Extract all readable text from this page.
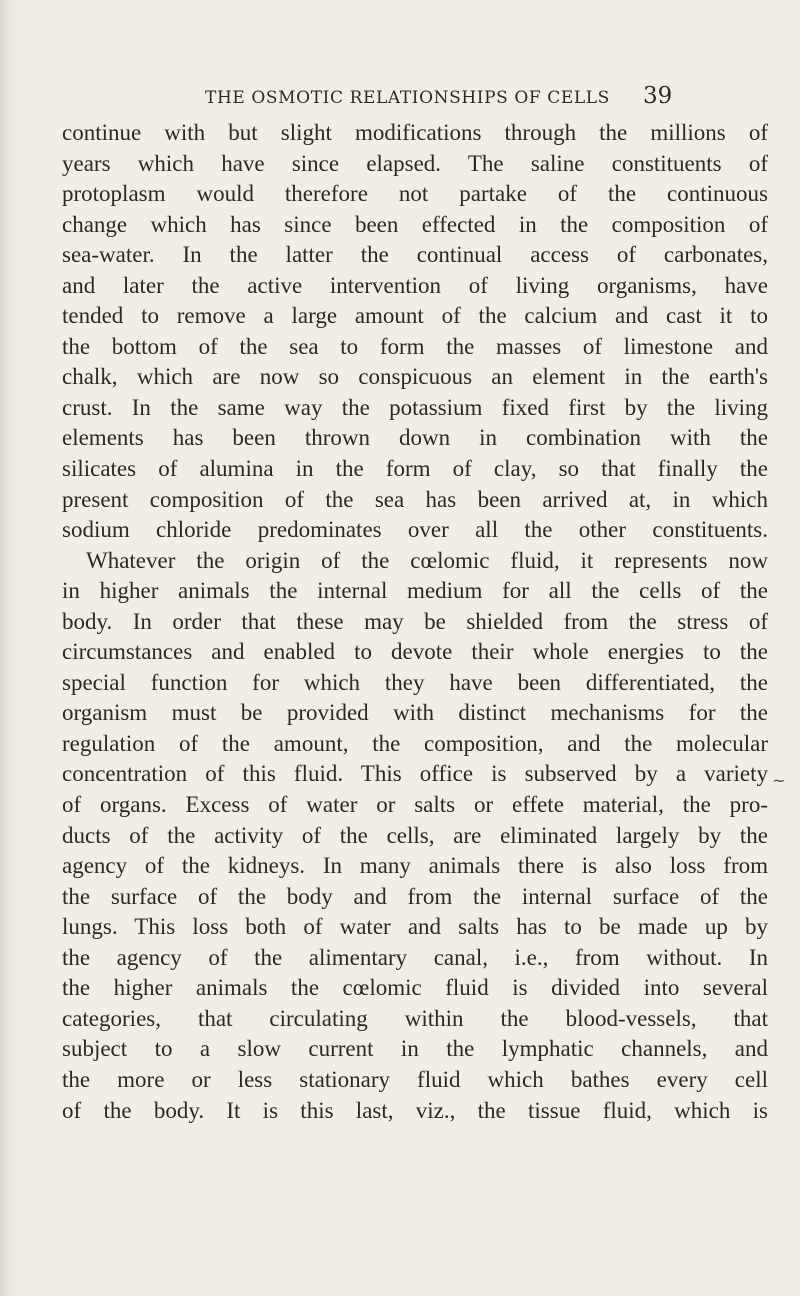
THE OSMOTIC RELATIONSHIPS OF CELLS 39
continue with but slight modifications through the millions of
years which have since elapsed. The saline constituents of
protoplasm would therefore not partake of the continuous
change which has since been effected in the composition of
sea-water. In the latter the continual access of carbonates,
and later the active intervention of living organisms, have
tended to remove a large amount of the calcium and cast it to
the bottom of the sea to form the masses of limestone and
chalk, which are now so conspicuous an element in the earth's
crust. In the same way the potassium fixed first by the living
elements has been thrown down in combination with the
silicates of alumina in the form of clay, so that finally the
present composition of the sea has been arrived at, in which
sodium chloride predominates over all the other constituents.
Whatever the origin of the cœlomic fluid, it represents now
in higher animals the internal medium for all the cells of the
body. In order that these may be shielded from the stress of
circumstances and enabled to devote their whole energies to the
special function for which they have been differentiated, the
organism must be provided with distinct mechanisms for the
regulation of the amount, the composition, and the molecular
concentration of this fluid. This office is subserved by a variety
of organs. Excess of water or salts or effete material, the pro-
ducts of the activity of the cells, are eliminated largely by the
agency of the kidneys. In many animals there is also loss from
the surface of the body and from the internal surface of the
lungs. This loss both of water and salts has to be made up by
the agency of the alimentary canal, i.e., from without. In
the higher animals the cœlomic fluid is divided into several
categories, that circulating within the blood-vessels, that
subject to a slow current in the lymphatic channels, and
the more or less stationary fluid which bathes every cell
of the body. It is this last, viz., the tissue fluid, which is
~
